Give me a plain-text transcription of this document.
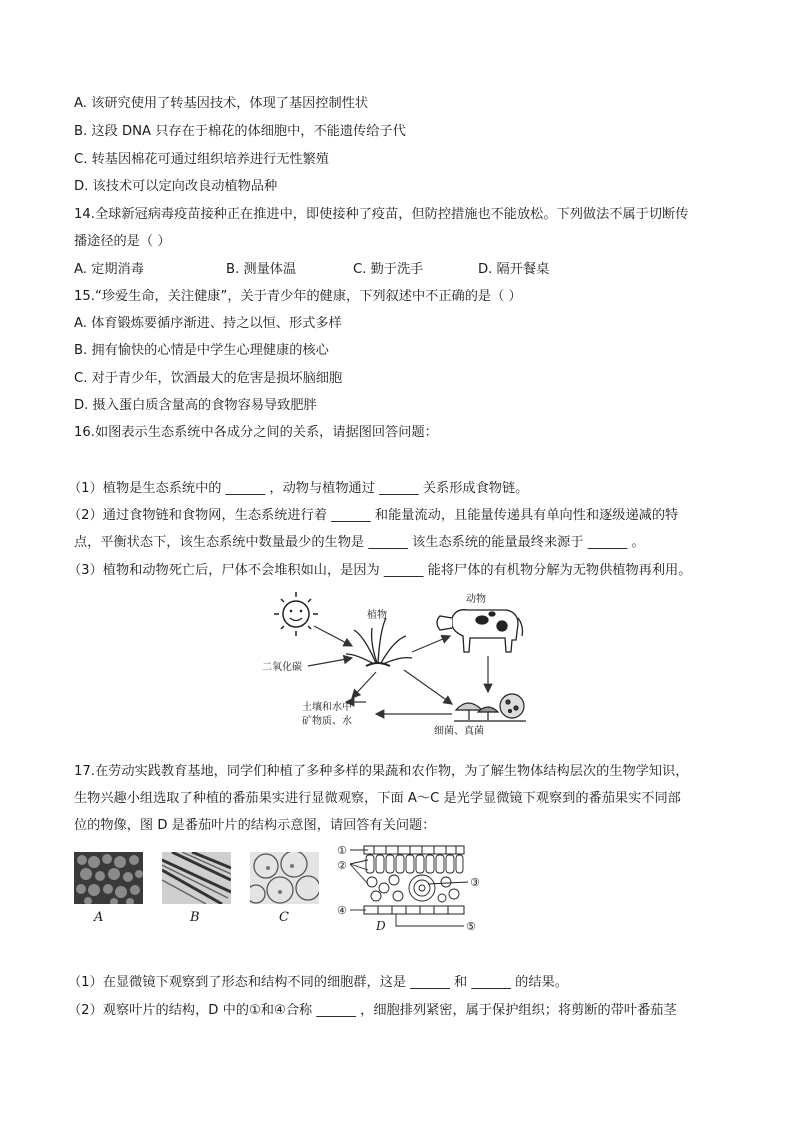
A. 该研究使用了转基因技术，体现了基因控制性状
B. 这段 DNA 只存在于棉花的体细胞中，不能遗传给子代
C. 转基因棉花可通过组织培养进行无性繁殖
D. 该技术可以定向改良动植物品种
14.全球新冠病毒疫苗接种正在推进中，即使接种了疫苗，但防控措施也不能放松。下列做法不属于切断传
播途径的是（ ）
A. 定期消毒	B. 测量体温	C. 勤于洗手	D. 隔开餐桌
15.“珍爱生命，关注健康”，关于青少年的健康，下列叙述中不正确的是（ ）
A. 体育锻炼要循序渐进、持之以恒、形式多样
B. 拥有愉快的心情是中学生心理健康的核心
C. 对于青少年，饮酒最大的危害是损坏脑细胞
D. 摄入蛋白质含量高的食物容易导致肥胖
16.如图表示生态系统中各成分之间的关系，请据图回答问题：
（1）植物是生态系统中的 ______ ，动物与植物通过 ______ 关系形成食物链。
（2）通过食物链和食物网，生态系统进行着 ______ 和能量流动，且能量传递具有单向性和逐级递减的特
点，平衡状态下，该生态系统中数量最少的生物是 ______ 该生态系统的能量最终来源于 ______ 。
（3）植物和动物死亡后，尸体不会堆积如山，是因为 ______ 能将尸体的有机物分解为无物供植物再利用。
植物
动物
细菌、真菌
二氧化碳
土壤和水中
矿物质、水
17.在劳动实践教育基地，同学们种植了多种多样的果蔬和农作物，为了解生物体结构层次的生物学知识，
生物兴趣小组选取了种植的番茄果实进行显微观察，下面 A～C 是光学显微镜下观察到的番茄果实不同部
位的物像，图 D 是番茄叶片的结构示意图，请回答有关问题：
A	B	C
①
②
③
④
⑤
D
（1）在显微镜下观察到了形态和结构不同的细胞群，这是 ______ 和 ______ 的结果。
（2）观察叶片的结构，D 中的①和④合称 ______ ，细胞排列紧密，属于保护组织；将剪断的带叶番茄茎
